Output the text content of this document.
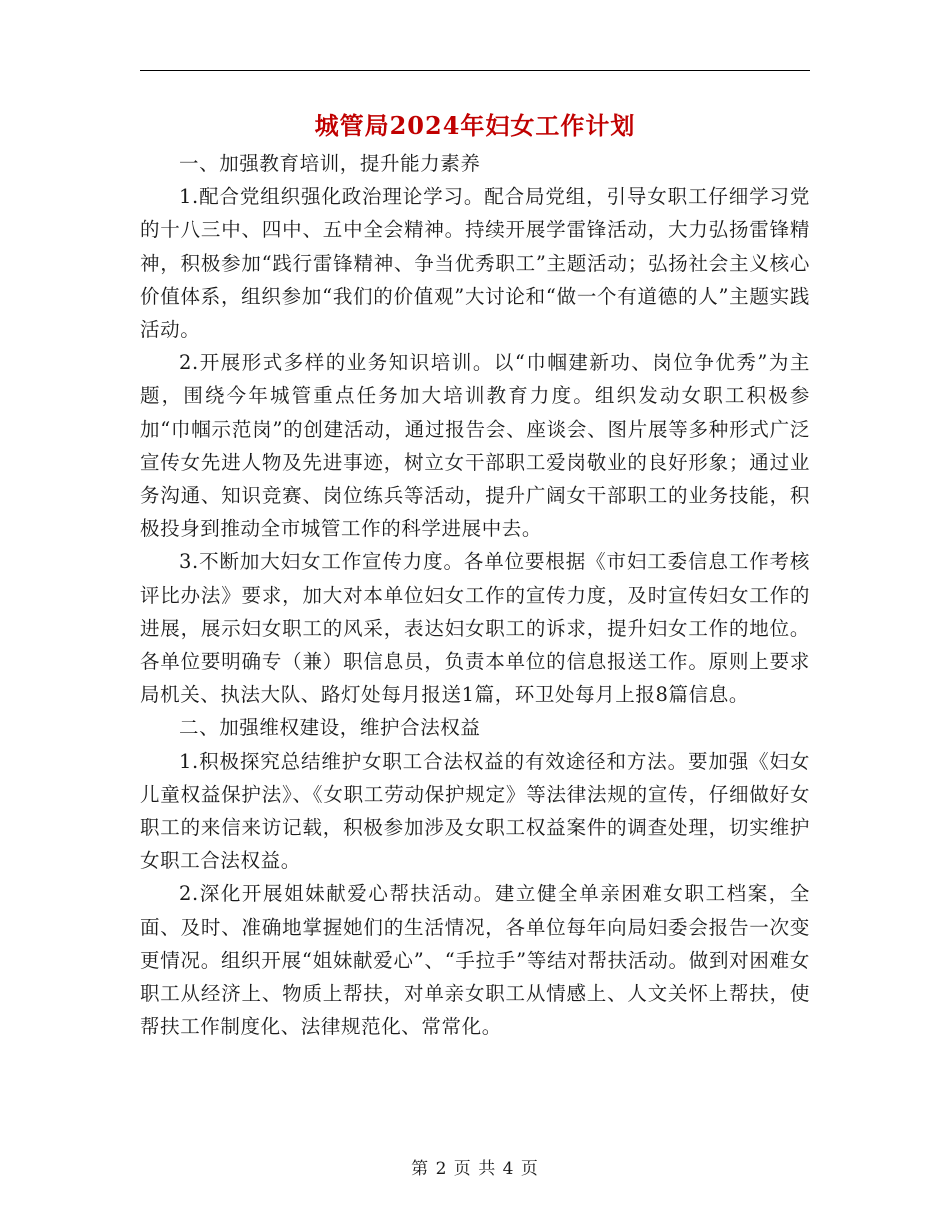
城管局2024年妇女工作计划

一、加强教育培训，提升能力素养

1.配合党组织强化政治理论学习。配合局党组，引导女职工仔细学习党的十八三中、四中、五中全会精神。持续开展学雷锋活动，大力弘扬雷锋精神，积极参加“践行雷锋精神、争当优秀职工”主题活动；弘扬社会主义核心价值体系，组织参加“我们的价值观”大讨论和“做一个有道德的人”主题实践活动。

2.开展形式多样的业务知识培训。以“巾帼建新功、岗位争优秀”为主题，围绕今年城管重点任务加大培训教育力度。组织发动女职工积极参加“巾帼示范岗”的创建活动，通过报告会、座谈会、图片展等多种形式广泛宣传女先进人物及先进事迹，树立女干部职工爱岗敬业的良好形象；通过业务沟通、知识竞赛、岗位练兵等活动，提升广阔女干部职工的业务技能，积极投身到推动全市城管工作的科学进展中去。

3.不断加大妇女工作宣传力度。各单位要根据《市妇工委信息工作考核评比办法》要求，加大对本单位妇女工作的宣传力度，及时宣传妇女工作的进展，展示妇女职工的风采，表达妇女职工的诉求，提升妇女工作的地位。各单位要明确专（兼）职信息员，负责本单位的信息报送工作。原则上要求局机关、执法大队、路灯处每月报送1篇，环卫处每月上报8篇信息。

二、加强维权建设，维护合法权益

1.积极探究总结维护女职工合法权益的有效途径和方法。要加强《妇女儿童权益保护法》、《女职工劳动保护规定》等法律法规的宣传，仔细做好女职工的来信来访记载，积极参加涉及女职工权益案件的调查处理，切实维护女职工合法权益。

2.深化开展姐妹献爱心帮扶活动。建立健全单亲困难女职工档案，全面、及时、准确地掌握她们的生活情况，各单位每年向局妇委会报告一次变更情况。组织开展“姐妹献爱心”、“手拉手”等结对帮扶活动。做到对困难女职工从经济上、物质上帮扶，对单亲女职工从情感上、人文关怀上帮扶，使帮扶工作制度化、法律规范化、常常化。

第 2 页 共 4 页
